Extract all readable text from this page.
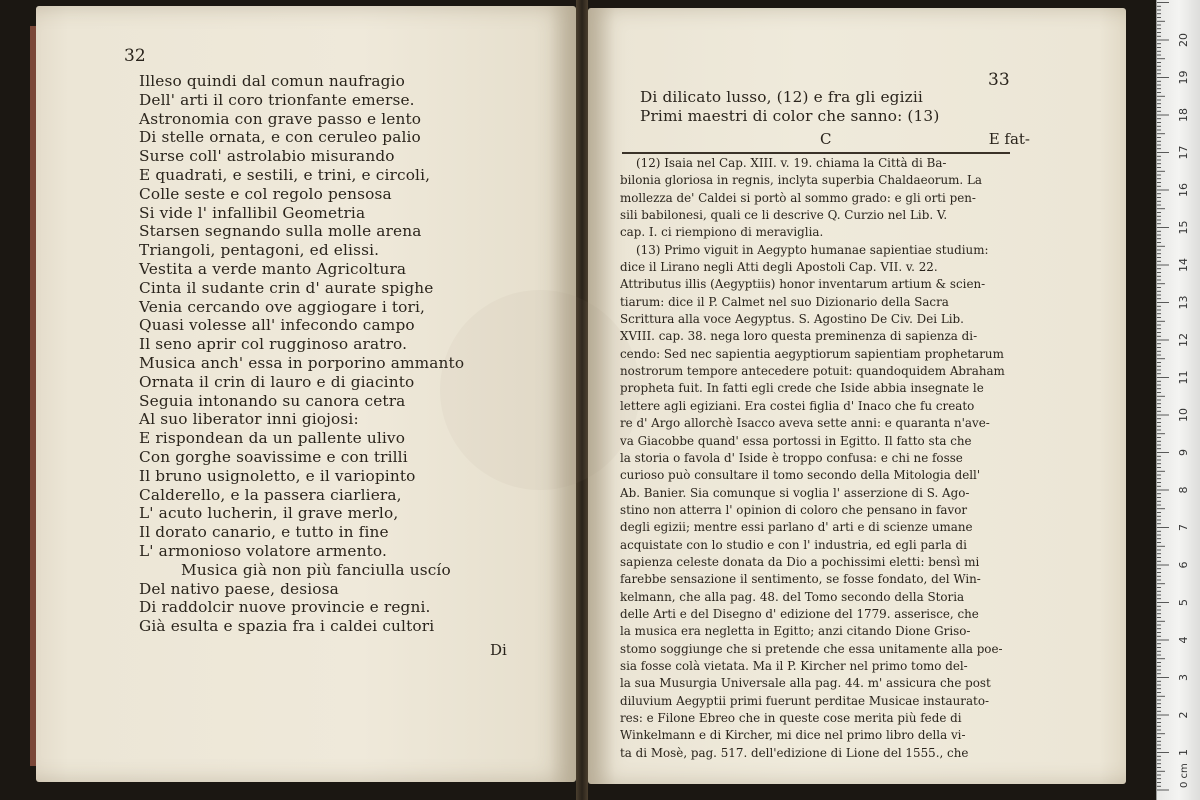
32
Illeso quindi dal comun naufragio
Dell' arti il coro trionfante emerse.
Astronomia con grave passo e lento
Di stelle ornata, e con ceruleo palio
Surse coll' astrolabio misurando
E quadrati, e sestili, e trini, e circoli,
Colle seste e col regolo pensosa
Si vide l' infallibil Geometria
Starsen segnando sulla molle arena
Triangoli, pentagoni, ed elissi.
Vestita a verde manto Agricoltura
Cinta il sudante crin d' aurate spighe
Venia cercando ove aggiogare i tori,
Quasi volesse all' infecondo campo
Il seno aprir col rugginoso aratro.
Musica anch' essa in porporino ammanto
Ornata il crin di lauro e di giacinto
Seguia intonando su canora cetra
Al suo liberator inni giojosi:
E rispondean da un pallente ulivo
Con gorghe soavissime e con trilli
Il bruno usignoletto, e il variopinto
Calderello, e la passera ciarliera,
L' acuto lucherin, il grave merlo,
Il dorato canario, e tutto in fine
L' armonioso volatore armento.
Musica già non più fanciulla uscío
Del nativo paese, desiosa
Di raddolcir nuove provincie e regni.
Già esulta e spazia fra i caldei cultori
Di
33
Di dilicato lusso, (12) e fra gli egizii
Primi maestri di color che sanno: (13)
C	E fat-
(12) Isaia nel Cap. XIII. v. 19. chiama la Città di Ba-
bilonia gloriosa in regnis, inclyta superbia Chaldaeorum. La
mollezza de' Caldei si portò al sommo grado: e gli orti pen-
sili babilonesi, quali ce li descrive Q. Curzio nel Lib. V.
cap. I. ci riempiono di meraviglia.
(13) Primo viguit in Aegypto humanae sapientiae studium:
dice il Lirano negli Atti degli Apostoli Cap. VII. v. 22.
Attributus illis (Aegyptiis) honor inventarum artium & scien-
tiarum: dice il P. Calmet nel suo Dizionario della Sacra
Scrittura alla voce Aegyptus. S. Agostino De Civ. Dei Lib.
XVIII. cap. 38. nega loro questa preminenza di sapienza di-
cendo: Sed nec sapientia aegyptiorum sapientiam prophetarum
nostrorum tempore antecedere potuit: quandoquidem Abraham
propheta fuit. In fatti egli crede che Iside abbia insegnate le
lettere agli egiziani. Era costei figlia d' Inaco che fu creato
re d' Argo allorchè Isacco aveva sette anni: e quaranta n'ave-
va Giacobbe quand' essa portossi in Egitto. Il fatto sta che
la storia o favola d' Iside è troppo confusa: e chi ne fosse
curioso può consultare il tomo secondo della Mitologia dell'
Ab. Banier. Sia comunque si voglia l' asserzione di S. Ago-
stino non atterra l' opinion di coloro che pensano in favor
degli egizii; mentre essi parlano d' arti e di scienze umane
acquistate con lo studio e con l' industria, ed egli parla di
sapienza celeste donata da Dio a pochissimi eletti: bensì mi
farebbe sensazione il sentimento, se fosse fondato, del Win-
kelmann, che alla pag. 48. del Tomo secondo della Storia
delle Arti e del Disegno d' edizione del 1779. asserisce, che
la musica era negletta in Egitto; anzi citando Dione Griso-
stomo soggiunge che si pretende che essa unitamente alla poe-
sia fosse colà vietata. Ma il P. Kircher nel primo tomo del-
la sua Musurgia Universale alla pag. 44. m' assicura che post
diluvium Aegyptii primi fuerunt perditae Musicae instaurato-
res: e Filone Ebreo che in queste cose merita più fede di
Winkelmann e di Kircher, mi dice nel primo libro della vi-
ta di Mosè, pag. 517. dell'edizione di Lione del 1555., che
0 cm
1
2
3
4
5
6
7
8
9
10
11
12
13
14
15
16
17
18
19
20
